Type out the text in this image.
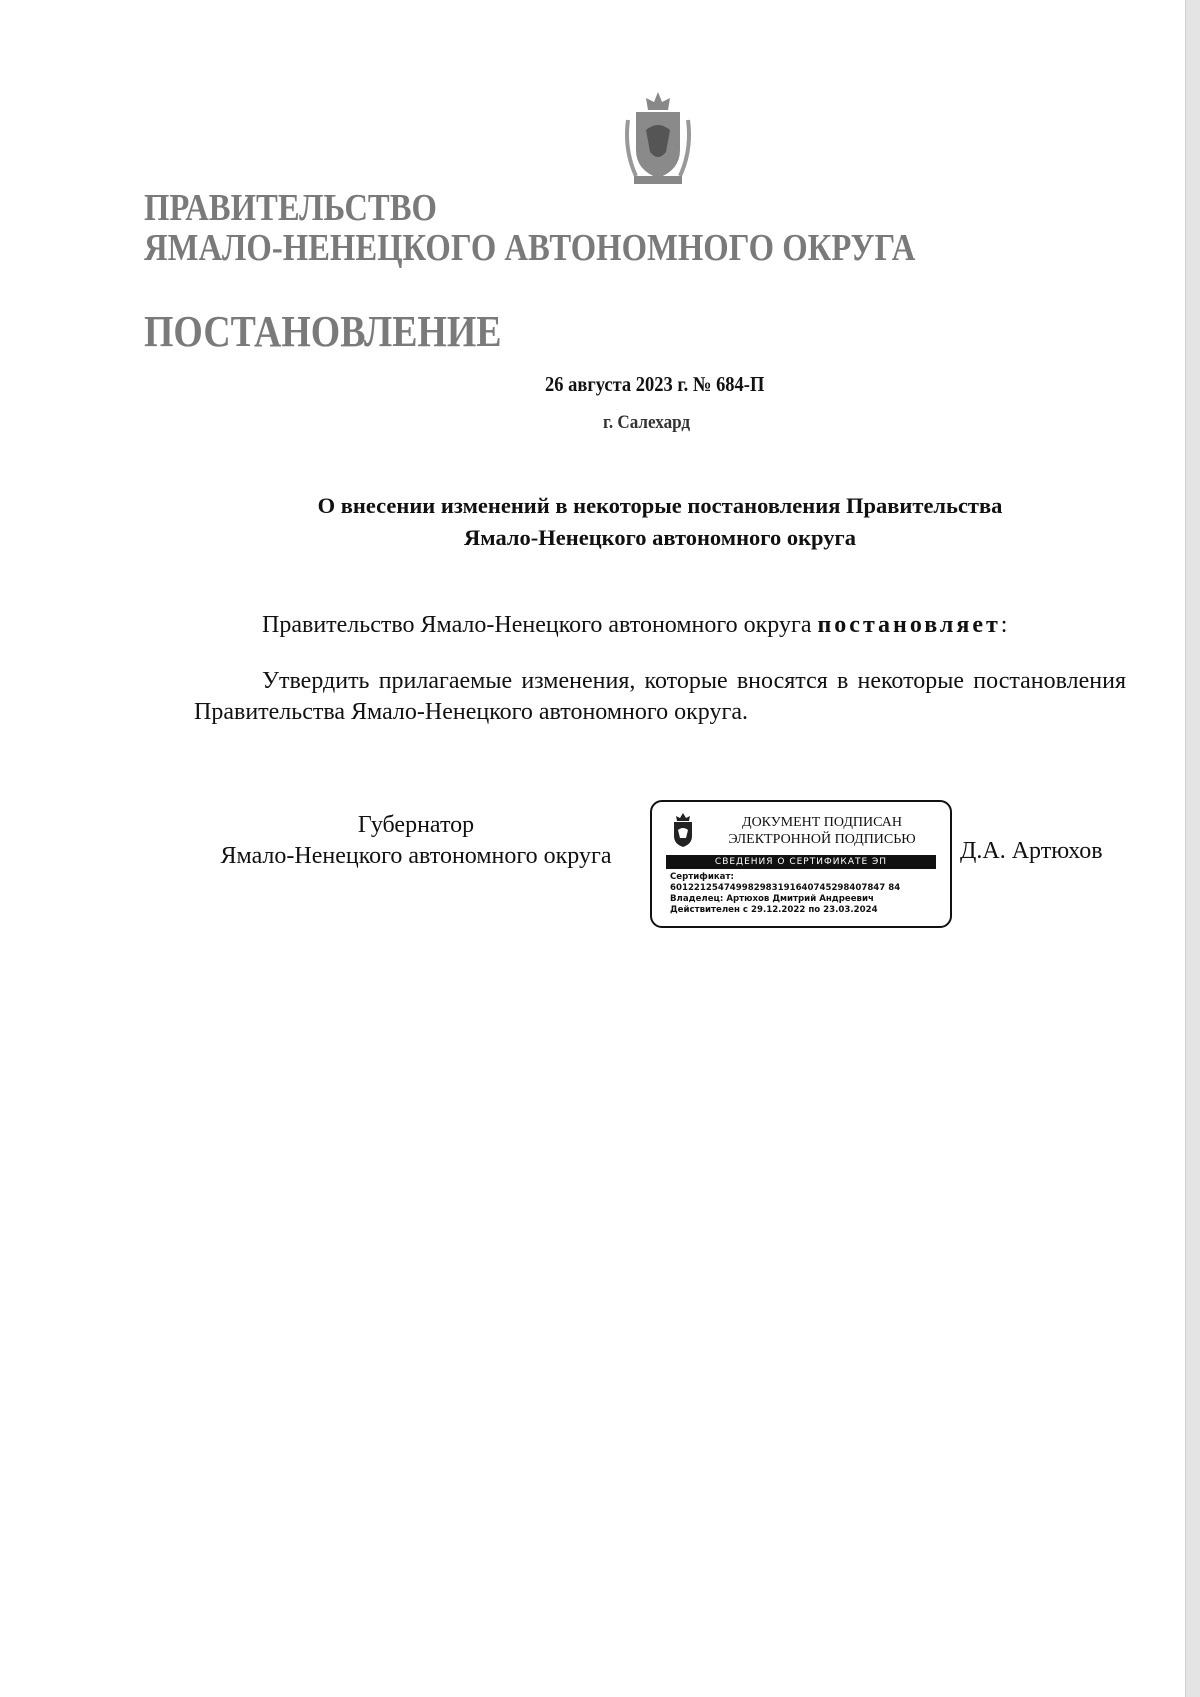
ПРАВИТЕЛЬСТВО
ЯМАЛО-НЕНЕЦКОГО АВТОНОМНОГО ОКРУГА
ПОСТАНОВЛЕНИЕ
26 августа 2023 г. № 684-П
г. Салехард
О внесении изменений в некоторые постановления Правительства
Ямало-Ненецкого автономного округа
Правительство Ямало-Ненецкого автономного округа постановляет:
Утвердить прилагаемые изменения, которые вносятся в некоторые постановления Правительства Ямало-Ненецкого автономного округа.
Губернатор
Ямало-Ненецкого автономного округа
ДОКУМЕНТ ПОДПИСАН
ЭЛЕКТРОННОЙ ПОДПИСЬЮ
СВЕДЕНИЯ О СЕРТИФИКАТЕ ЭП
Сертификат:
601221254749982983191640745298407847 84
Владелец: Артюхов Дмитрий Андреевич
Действителен с 29.12.2022 по 23.03.2024
Д.А. Артюхов
